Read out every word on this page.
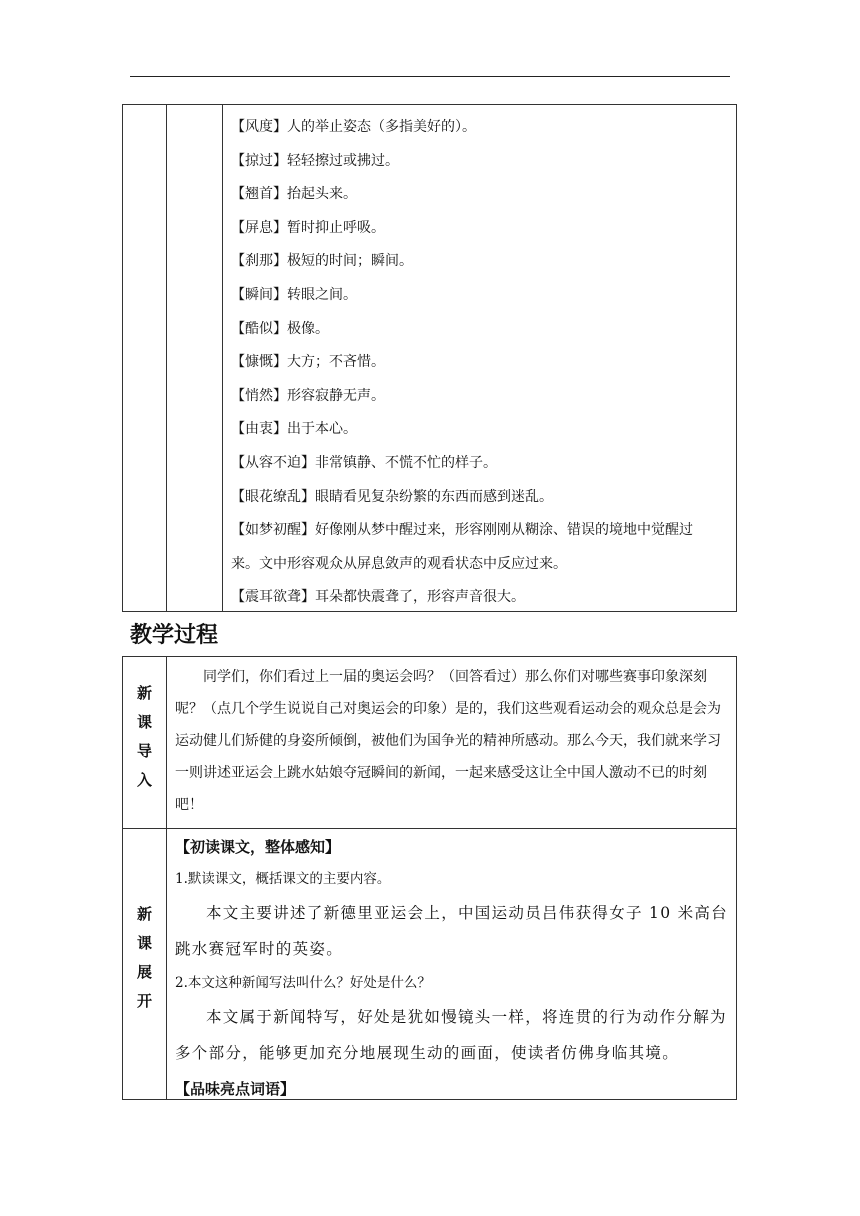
【风度】人的举止姿态（多指美好的）。

【掠过】轻轻擦过或拂过。

【翘首】抬起头来。

【屏息】暂时抑止呼吸。

【刹那】极短的时间；瞬间。

【瞬间】转眼之间。

【酷似】极像。

【慷慨】大方；不吝惜。

【悄然】形容寂静无声。

【由衷】出于本心。

【从容不迫】非常镇静、不慌不忙的样子。

【眼花缭乱】眼睛看见复杂纷繁的东西而感到迷乱。

【如梦初醒】好像刚从梦中醒过来，形容刚刚从糊涂、错误的境地中觉醒过

来。文中形容观众从屏息敛声的观看状态中反应过来。

【震耳欲聋】耳朵都快震聋了，形容声音很大。

教学过程
新课导入

同学们，你们看过上一届的奥运会吗？（回答看过）那么你们对哪些赛事印象深刻呢？（点几个学生说说自己对奥运会的印象）是的，我们这些观看运动会的观众总是会为运动健儿们矫健的身姿所倾倒，被他们为国争光的精神所感动。那么今天，我们就来学习一则讲述亚运会上跳水姑娘夺冠瞬间的新闻，一起来感受这让全中国人激动不已的时刻吧！

新课展开

【初读课文，整体感知】

1.默读课文，概括课文的主要内容。

本文主要讲述了新德里亚运会上，中国运动员吕伟获得女子 10 米高台跳水赛冠军时的英姿。

2.本文这种新闻写法叫什么？好处是什么？

本文属于新闻特写，好处是犹如慢镜头一样，将连贯的行为动作分解为多个部分，能够更加充分地展现生动的画面，使读者仿佛身临其境。

【品味亮点词语】
